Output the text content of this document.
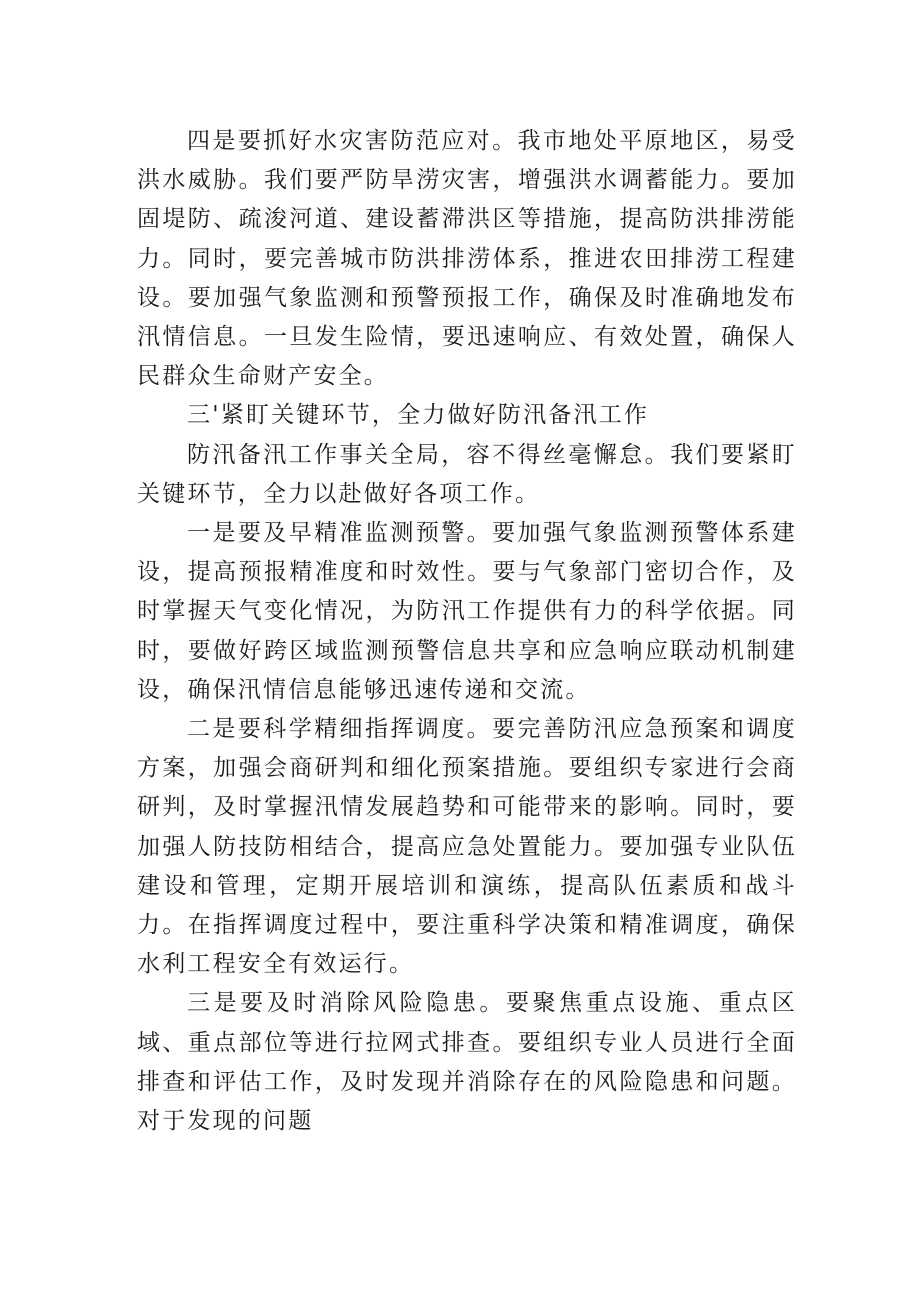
四是要抓好水灾害防范应对。我市地处平原地区，易受洪水威胁。我们要严防旱涝灾害，增强洪水调蓄能力。要加固堤防、疏浚河道、建设蓄滞洪区等措施，提高防洪排涝能力。同时，要完善城市防洪排涝体系，推进农田排涝工程建设。要加强气象监测和预警预报工作，确保及时准确地发布汛情信息。一旦发生险情，要迅速响应、有效处置，确保人民群众生命财产安全。

三'紧盯关键环节，全力做好防汛备汛工作

防汛备汛工作事关全局，容不得丝毫懈怠。我们要紧盯关键环节，全力以赴做好各项工作。

一是要及早精准监测预警。要加强气象监测预警体系建设，提高预报精准度和时效性。要与气象部门密切合作，及时掌握天气变化情况，为防汛工作提供有力的科学依据。同时，要做好跨区域监测预警信息共享和应急响应联动机制建设，确保汛情信息能够迅速传递和交流。

二是要科学精细指挥调度。要完善防汛应急预案和调度方案，加强会商研判和细化预案措施。要组织专家进行会商研判，及时掌握汛情发展趋势和可能带来的影响。同时，要加强人防技防相结合，提高应急处置能力。要加强专业队伍建设和管理，定期开展培训和演练，提高队伍素质和战斗力。在指挥调度过程中，要注重科学决策和精准调度，确保水利工程安全有效运行。

三是要及时消除风险隐患。要聚焦重点设施、重点区域、重点部位等进行拉网式排查。要组织专业人员进行全面排查和评估工作，及时发现并消除存在的风险隐患和问题。对于发现的问题
